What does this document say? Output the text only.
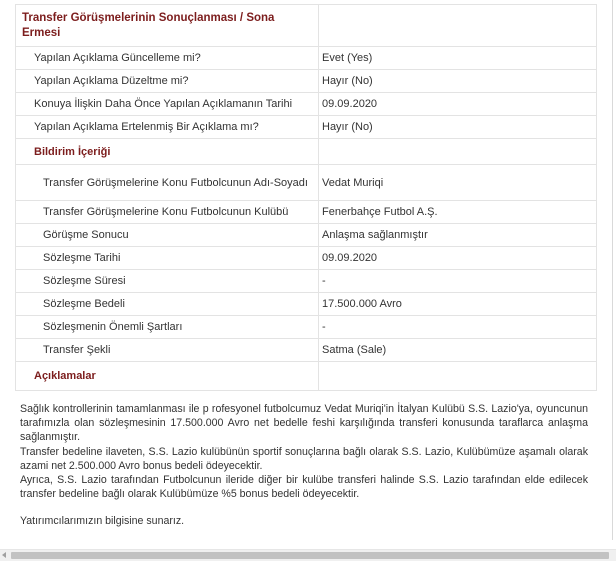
Transfer Görüşmelerinin Sonuçlanması / Sona Ermesi	
Yapılan Açıklama Güncelleme mi?	Evet (Yes)
Yapılan Açıklama Düzeltme mi?	Hayır (No)
Konuya İlişkin Daha Önce Yapılan Açıklamanın Tarihi	09.09.2020
Yapılan Açıklama Ertelenmiş Bir Açıklama mı?	Hayır (No)
Bildirim İçeriği	
Transfer Görüşmelerine Konu Futbolcunun Adı-Soyadı	Vedat Muriqi
Transfer Görüşmelerine Konu Futbolcunun Kulübü	Fenerbahçe Futbol A.Ş.
Görüşme Sonucu	Anlaşma sağlanmıştır
Sözleşme Tarihi	09.09.2020
Sözleşme Süresi	-
Sözleşme Bedeli	17.500.000 Avro
Sözleşmenin Önemli Şartları	-
Transfer Şekli	Satma (Sale)
Açıklamalar	

Sağlık kontrollerinin tamamlanması ile p rofesyonel futbolcumuz Vedat Muriqi'in İtalyan Kulübü S.S. Lazio'ya, oyuncunun tarafımızla olan sözleşmesinin 17.500.000 Avro net bedelle feshi karşılığında transferi konusunda taraflarca anlaşma sağlanmıştır.

Transfer bedeline ilaveten, S.S. Lazio kulübünün sportif sonuçlarına bağlı olarak S.S. Lazio, Kulübümüze aşamalı olarak azami net 2.500.000 Avro bonus bedeli ödeyecektir.

Ayrıca, S.S. Lazio tarafından Futbolcunun ileride diğer bir kulübe transferi halinde S.S. Lazio tarafından elde edilecek transfer bedeline bağlı olarak Kulübümüze %5 bonus bedeli ödeyecektir.

Yatırımcılarımızın bilgisine sunarız.
